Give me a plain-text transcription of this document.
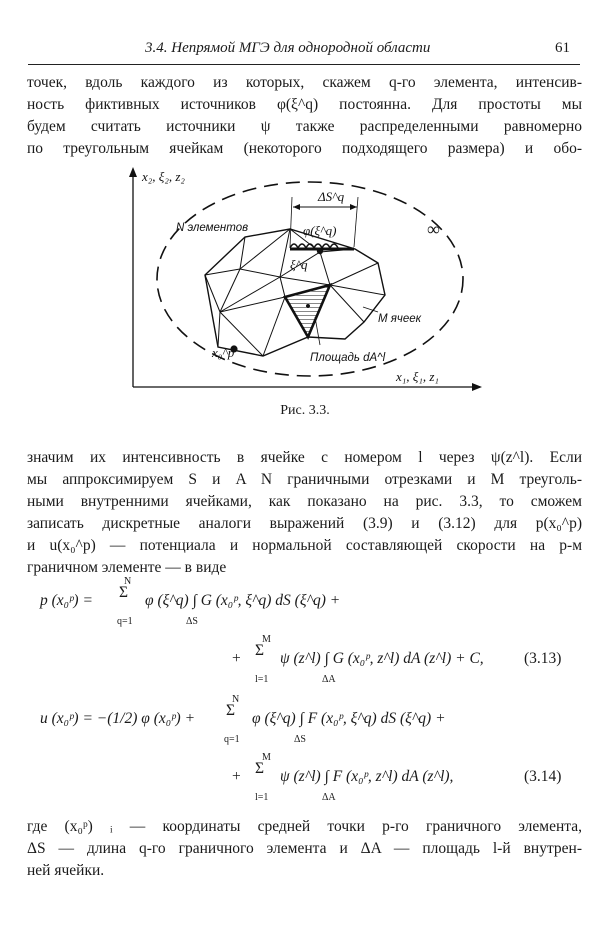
3.4. Непрямой МГЭ для однородной области	61
точек, вдоль каждого из которых, скажем q-го элемента, интенсив-
ность фиктивных источников φ(ξ^q) постоянна. Для простоты мы
будем считать источники ψ также распределенными равномерно
по треугольным ячейкам (некоторого подходящего размера) и обо-
x₂, ξ₂, z₂
x₁, ξ₁, z₁
N элементов
ΔS^q
φ(ξ^q)
ξ^q
∞
M ячеек
Площадь dA^l
x₀^p
Рис. 3.3.
значим их интенсивность в ячейке с номером l через ψ(z^l). Если
мы аппроксимируем S и A N граничными отрезками и M треуголь-
ными внутренними ячейками, как показано на рис. 3.3, то сможем
записать дискретные аналоги выражений (3.9) и (3.12) для p(x₀^p)
и u(x₀^p) — потенциала и нормальной составляющей скорости на p-м
граничном элементе — в виде
p (x₀ᵖ) =
N
Σ
q=1
φ (ξ^q) ∫ G (x₀ᵖ, ξ^q) dS (ξ^q) +
ΔS
+
M
Σ
l=1
ψ (z^l) ∫ G (x₀ᵖ, z^l) dA (z^l) + C,
ΔA
(3.13)
u (x₀ᵖ) = −(1/2) φ (x₀ᵖ) +
N
Σ
q=1
φ (ξ^q) ∫ F (x₀ᵖ, ξ^q) dS (ξ^q) +
ΔS
+
M
Σ
l=1
ψ (z^l) ∫ F (x₀ᵖ, z^l) dA (z^l),
ΔA
(3.14)
где (x₀ᵖ) ᵢ — координаты средней точки p-го граничного элемента,
ΔS — длина q-го граничного элемента и ΔA — площадь l-й внутрен-
ней ячейки.
